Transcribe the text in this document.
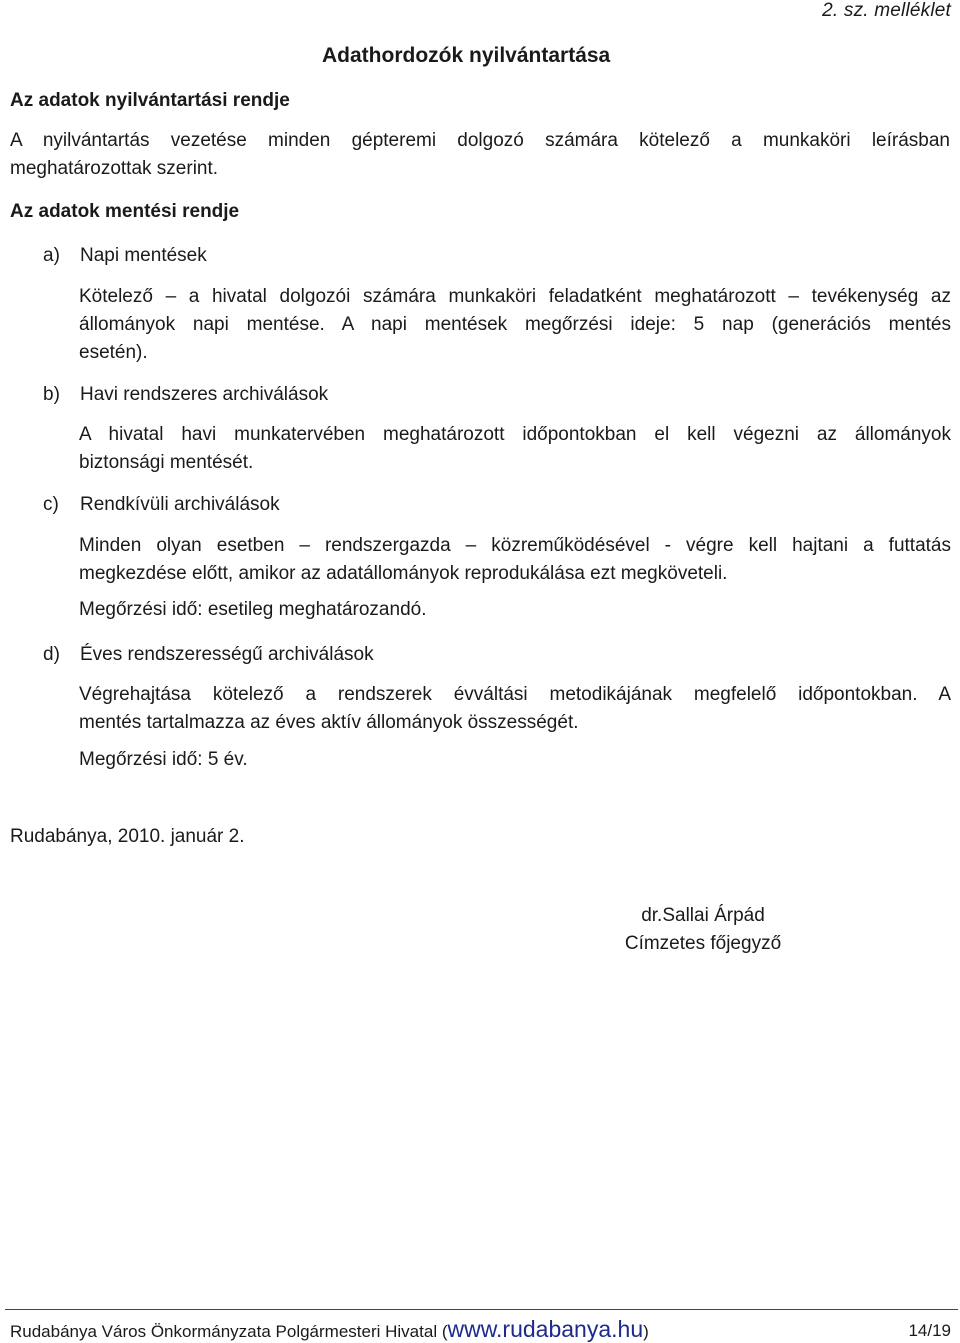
2. sz. melléklet
Adathordozók nyilvántartása
Az adatok nyilvántartási rendje
A nyilvántartás vezetése minden gépteremi dolgozó számára kötelező a munkaköri leírásban
meghatározottak szerint.
Az adatok mentési rendje
a) Napi mentések
Kötelező – a hivatal dolgozói számára munkaköri feladatként meghatározott – tevékenység az
állományok napi mentése. A napi mentések megőrzési ideje: 5 nap (generációs mentés
esetén).
b) Havi rendszeres archiválások
A hivatal havi munkatervében meghatározott időpontokban el kell végezni az állományok
biztonsági mentését.
c) Rendkívüli archiválások
Minden olyan esetben – rendszergazda – közreműködésével - végre kell hajtani a futtatás
megkezdése előtt, amikor az adatállományok reprodukálása ezt megköveteli.
Megőrzési idő: esetileg meghatározandó.
d) Éves rendszerességű archiválások
Végrehajtása kötelező a rendszerek évváltási metodikájának megfelelő időpontokban. A
mentés tartalmazza az éves aktív állományok összességét.
Megőrzési idő: 5 év.
Rudabánya, 2010. január 2.
dr.Sallai Árpád
Címzetes főjegyző
Rudabánya Város Önkormányzata Polgármesteri Hivatal (www.rudabanya.hu)	14/19
